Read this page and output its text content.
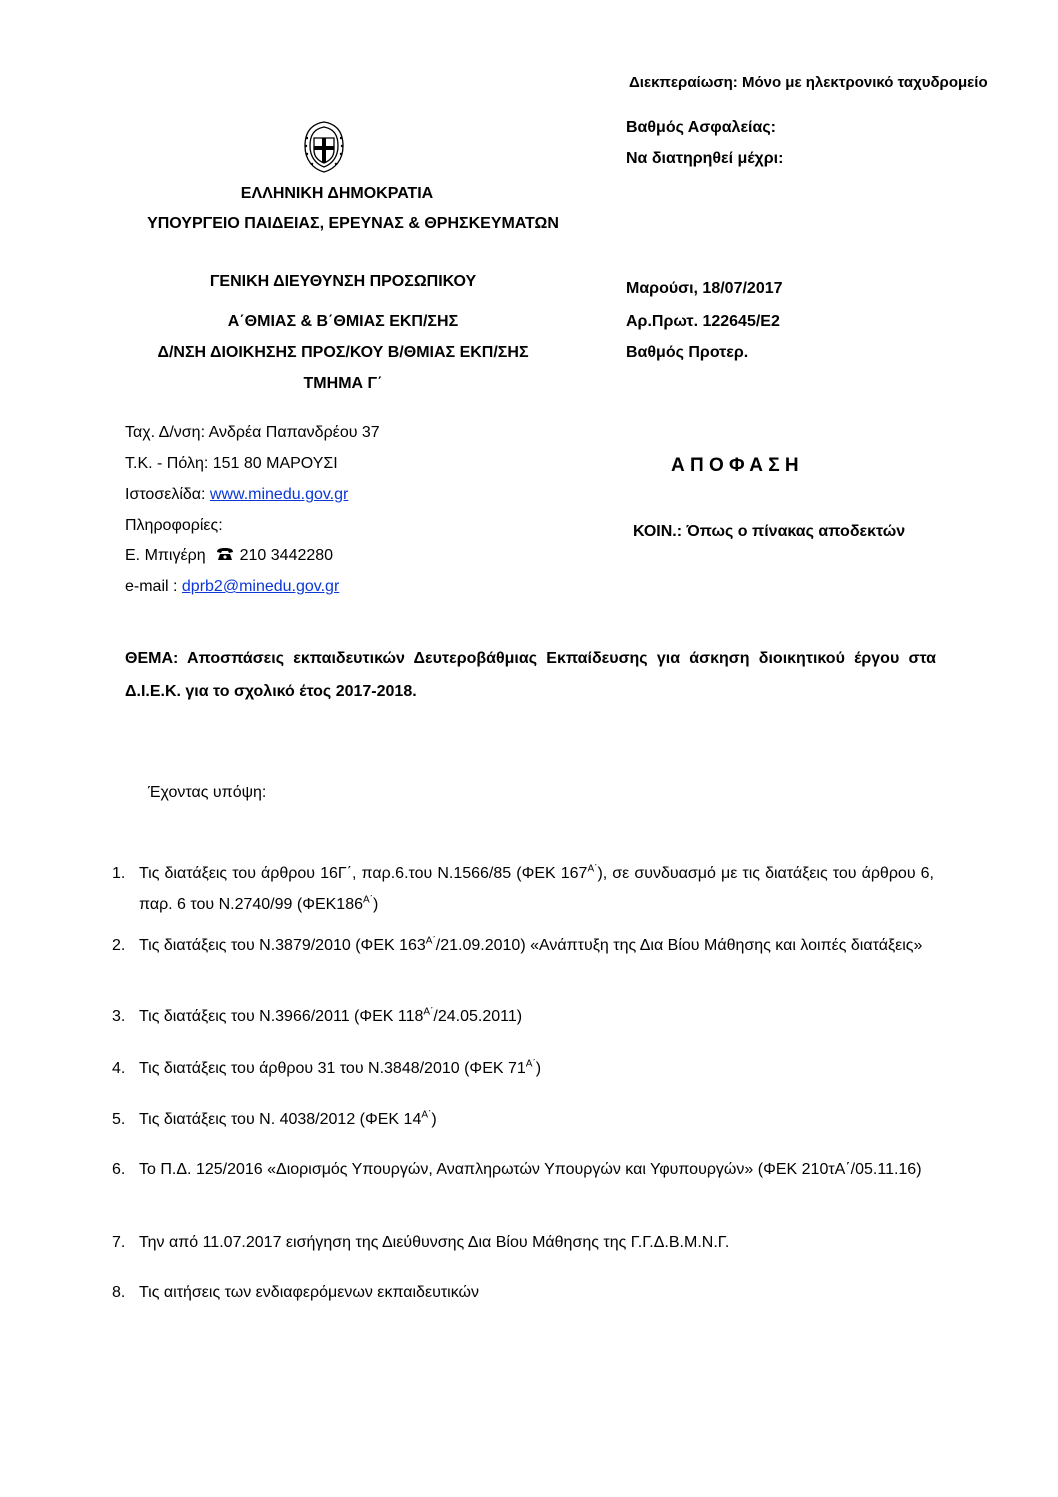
Διεκπεραίωση: Μόνο με ηλεκτρονικό ταχυδρομείο
Βαθμός Ασφαλείας:
Να διατηρηθεί μέχρι:
ΕΛΛΗΝΙΚΗ ΔΗΜΟΚΡΑΤΙΑ
ΥΠΟΥΡΓΕΙΟ ΠΑΙΔΕΙΑΣ, ΕΡΕΥΝΑΣ & ΘΡΗΣΚΕΥΜΑΤΩΝ
ΓΕΝΙΚΗ ΔΙΕΥΘΥΝΣΗ ΠΡΟΣΩΠΙΚΟΥ
Α΄ΘΜΙΑΣ & Β΄ΘΜΙΑΣ ΕΚΠ/ΣΗΣ
Δ/ΝΣΗ ΔΙΟΙΚΗΣΗΣ ΠΡΟΣ/ΚΟΥ Β/ΘΜΙΑΣ ΕΚΠ/ΣΗΣ
ΤΜΗΜΑ Γ΄
Μαρούσι, 18/07/2017
Αρ.Πρωτ. 122645/Ε2
Βαθμός Προτερ.
Ταχ. Δ/νση: Ανδρέα Παπανδρέου 37
Τ.Κ. - Πόλη: 151 80 ΜΑΡΟΥΣΙ
Ιστοσελίδα: www.minedu.gov.gr
Πληροφορίες:
Ε. Μπιγέρη 210 3442280
e-mail : dprb2@minedu.gov.gr
Α Π Ο Φ Α Σ Η
ΚΟΙΝ.: Όπως ο πίνακας αποδεκτών
ΘΕΜΑ: Αποσπάσεις εκπαιδευτικών Δευτεροβάθμιας Εκπαίδευσης για άσκηση διοικητικού έργου στα Δ.Ι.Ε.Κ. για το σχολικό έτος 2017-2018.
Έχοντας υπόψη:
1. Τις διατάξεις του άρθρου 16Γ΄, παρ.6.του Ν.1566/85 (ΦΕΚ $167^{A΄}$), σε συνδυασμό με τις διατάξεις του άρθρου 6, παρ. 6 του Ν.2740/99 $(\Phi EK186^{A΄})$
2. Τις διατάξεις του Ν.3879/2010 (ΦΕΚ $163^{A΄}/21.09.2010$) «Ανάπτυξη της Δια Βίου Μάθησης και λοιπές διατάξεις»
3. Τις διατάξεις του Ν.3966/2011 (ΦΕΚ $118^{A΄}/24.05.2011$)
4. Τις διατάξεις του άρθρου 31 του Ν.3848/2010 (ΦΕΚ $71^{A΄}$)
5. Τις διατάξεις του Ν. 4038/2012 (ΦΕΚ $14^{A΄}$)
6. Το Π.Δ. 125/2016 «Διορισμός Υπουργών, Αναπληρωτών Υπουργών και Υφυπουργών» (ΦΕΚ 210τΑ΄/05.11.16)
7. Την από 11.07.2017 εισήγηση της Διεύθυνσης Δια Βίου Μάθησης της Γ.Γ.Δ.Β.Μ.Ν.Γ.
8. Τις αιτήσεις των ενδιαφερόμενων εκπαιδευτικών
